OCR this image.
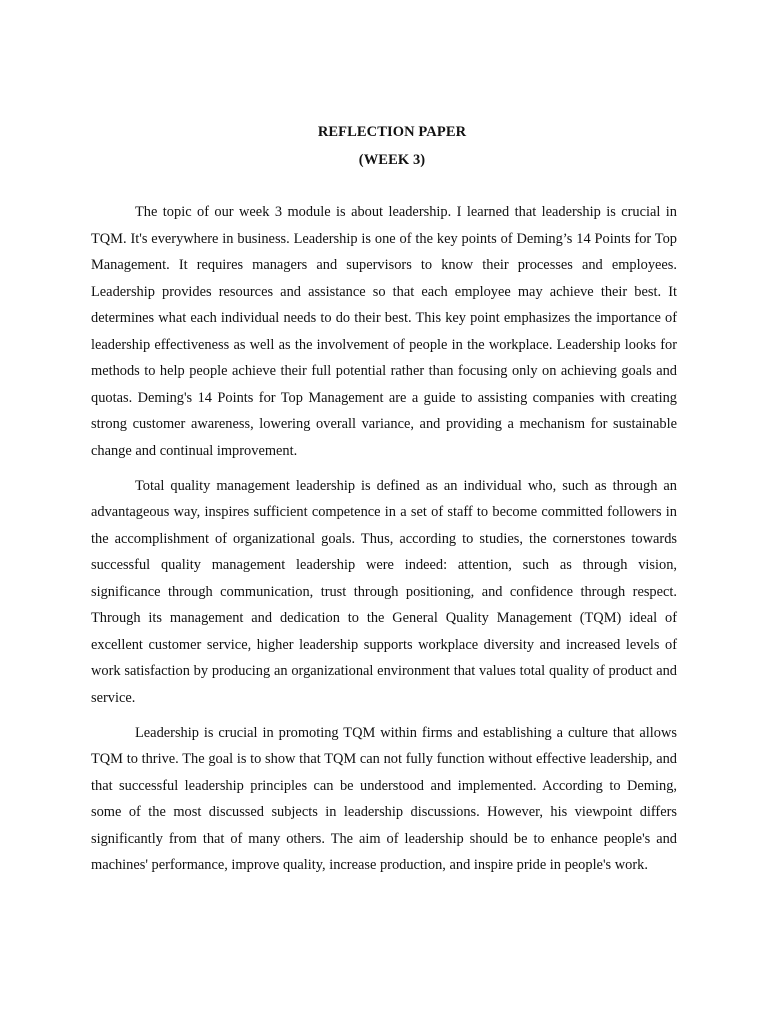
REFLECTION PAPER
(WEEK 3)

The topic of our week 3 module is about leadership. I learned that leadership is crucial in TQM. It's everywhere in business. Leadership is one of the key points of Deming’s 14 Points for Top Management. It requires managers and supervisors to know their processes and employees. Leadership provides resources and assistance so that each employee may achieve their best. It determines what each individual needs to do their best. This key point emphasizes the importance of leadership effectiveness as well as the involvement of people in the workplace. Leadership looks for methods to help people achieve their full potential rather than focusing only on achieving goals and quotas. Deming's 14 Points for Top Management are a guide to assisting companies with creating strong customer awareness, lowering overall variance, and providing a mechanism for sustainable change and continual improvement.

Total quality management leadership is defined as an individual who, such as through an advantageous way, inspires sufficient competence in a set of staff to become committed followers in the accomplishment of organizational goals. Thus, according to studies, the cornerstones towards successful quality management leadership were indeed: attention, such as through vision, significance through communication, trust through positioning, and confidence through respect. Through its management and dedication to the General Quality Management (TQM) ideal of excellent customer service, higher leadership supports workplace diversity and increased levels of work satisfaction by producing an organizational environment that values total quality of product and service.

Leadership is crucial in promoting TQM within firms and establishing a culture that allows TQM to thrive. The goal is to show that TQM can not fully function without effective leadership, and that successful leadership principles can be understood and implemented. According to Deming, some of the most discussed subjects in leadership discussions. However, his viewpoint differs significantly from that of many others. The aim of leadership should be to enhance people's and machines' performance, improve quality, increase production, and inspire pride in people's work.
